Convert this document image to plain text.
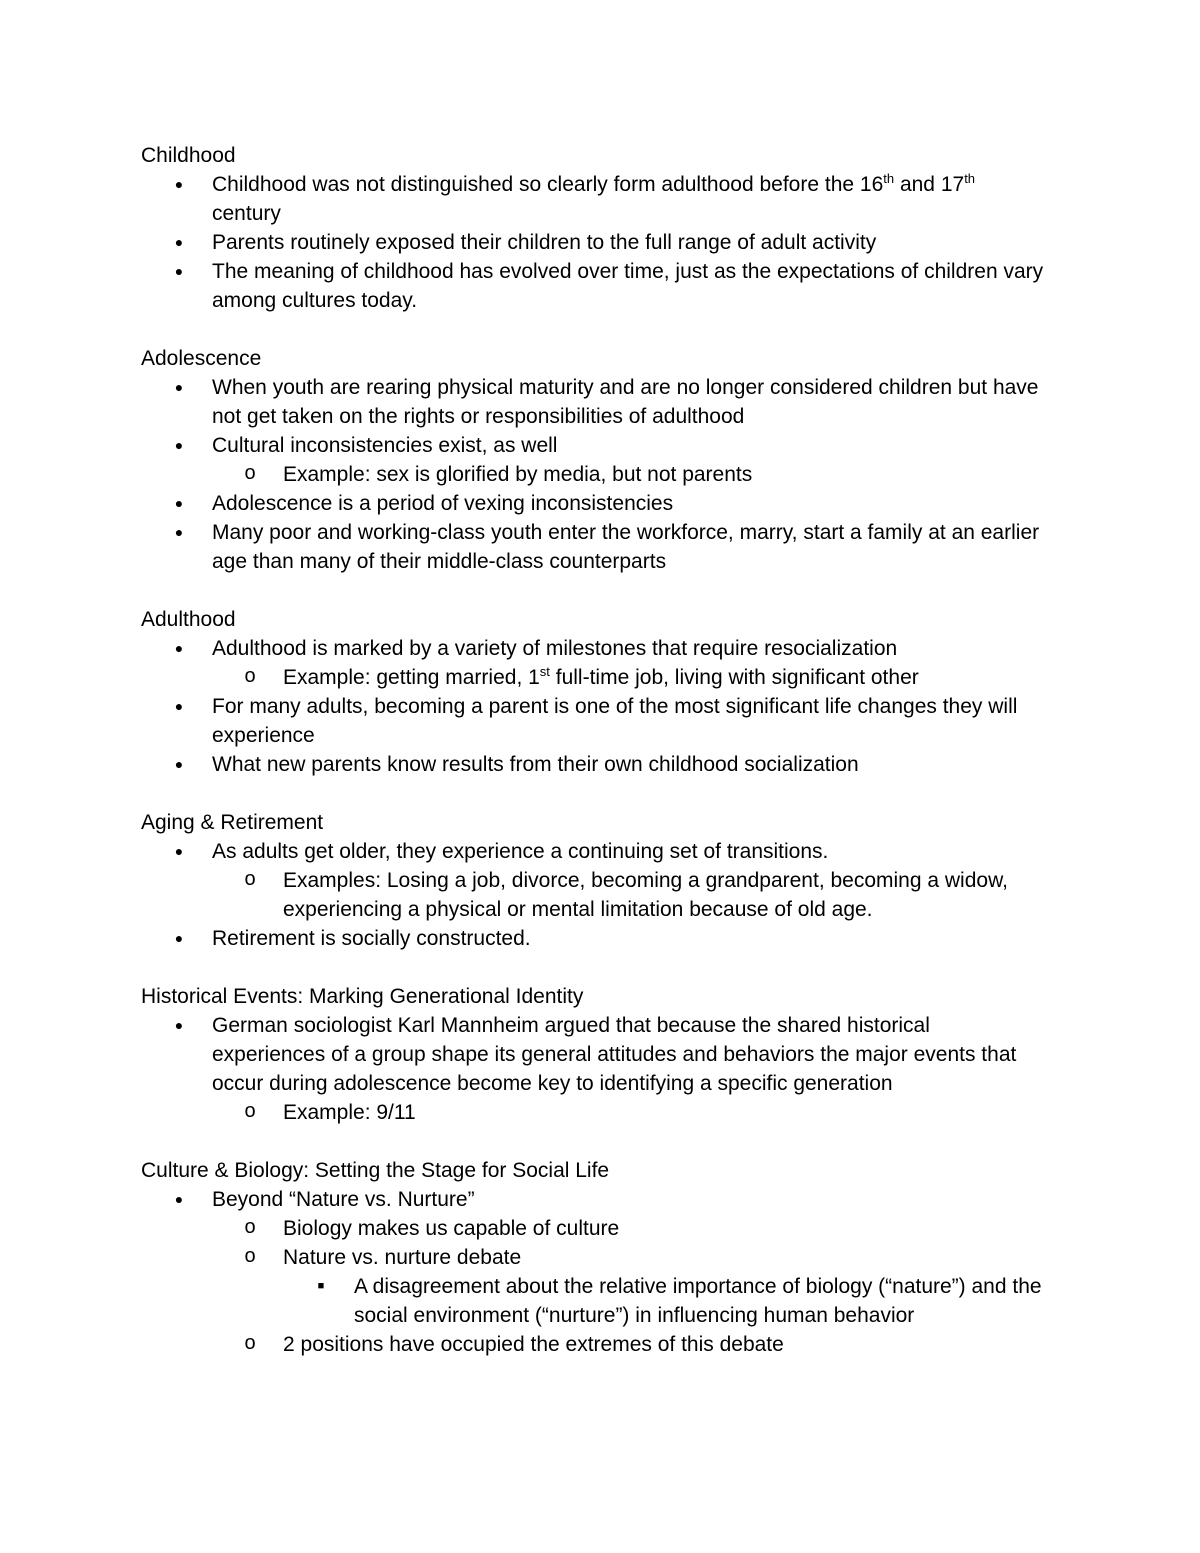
Childhood
● Childhood was not distinguished so clearly form adulthood before the 16th and 17th century
● Parents routinely exposed their children to the full range of adult activity
● The meaning of childhood has evolved over time, just as the expectations of children vary among cultures today.
Adolescence
● When youth are rearing physical maturity and are no longer considered children but have not get taken on the rights or responsibilities of adulthood
● Cultural inconsistencies exist, as well
o Example: sex is glorified by media, but not parents
● Adolescence is a period of vexing inconsistencies
● Many poor and working-class youth enter the workforce, marry, start a family at an earlier age than many of their middle-class counterparts
Adulthood
● Adulthood is marked by a variety of milestones that require resocialization
o Example: getting married, 1st full-time job, living with significant other
● For many adults, becoming a parent is one of the most significant life changes they will experience
● What new parents know results from their own childhood socialization
Aging & Retirement
● As adults get older, they experience a continuing set of transitions.
o Examples: Losing a job, divorce, becoming a grandparent, becoming a widow, experiencing a physical or mental limitation because of old age.
● Retirement is socially constructed.
Historical Events: Marking Generational Identity
● German sociologist Karl Mannheim argued that because the shared historical experiences of a group shape its general attitudes and behaviors the major events that occur during adolescence become key to identifying a specific generation
o Example: 9/11
Culture & Biology: Setting the Stage for Social Life
● Beyond “Nature vs. Nurture”
o Biology makes us capable of culture
o Nature vs. nurture debate
■	A disagreement about the relative importance of biology (“nature”) and the social environment (“nurture”) in influencing human behavior
o 2 positions have occupied the extremes of this debate
